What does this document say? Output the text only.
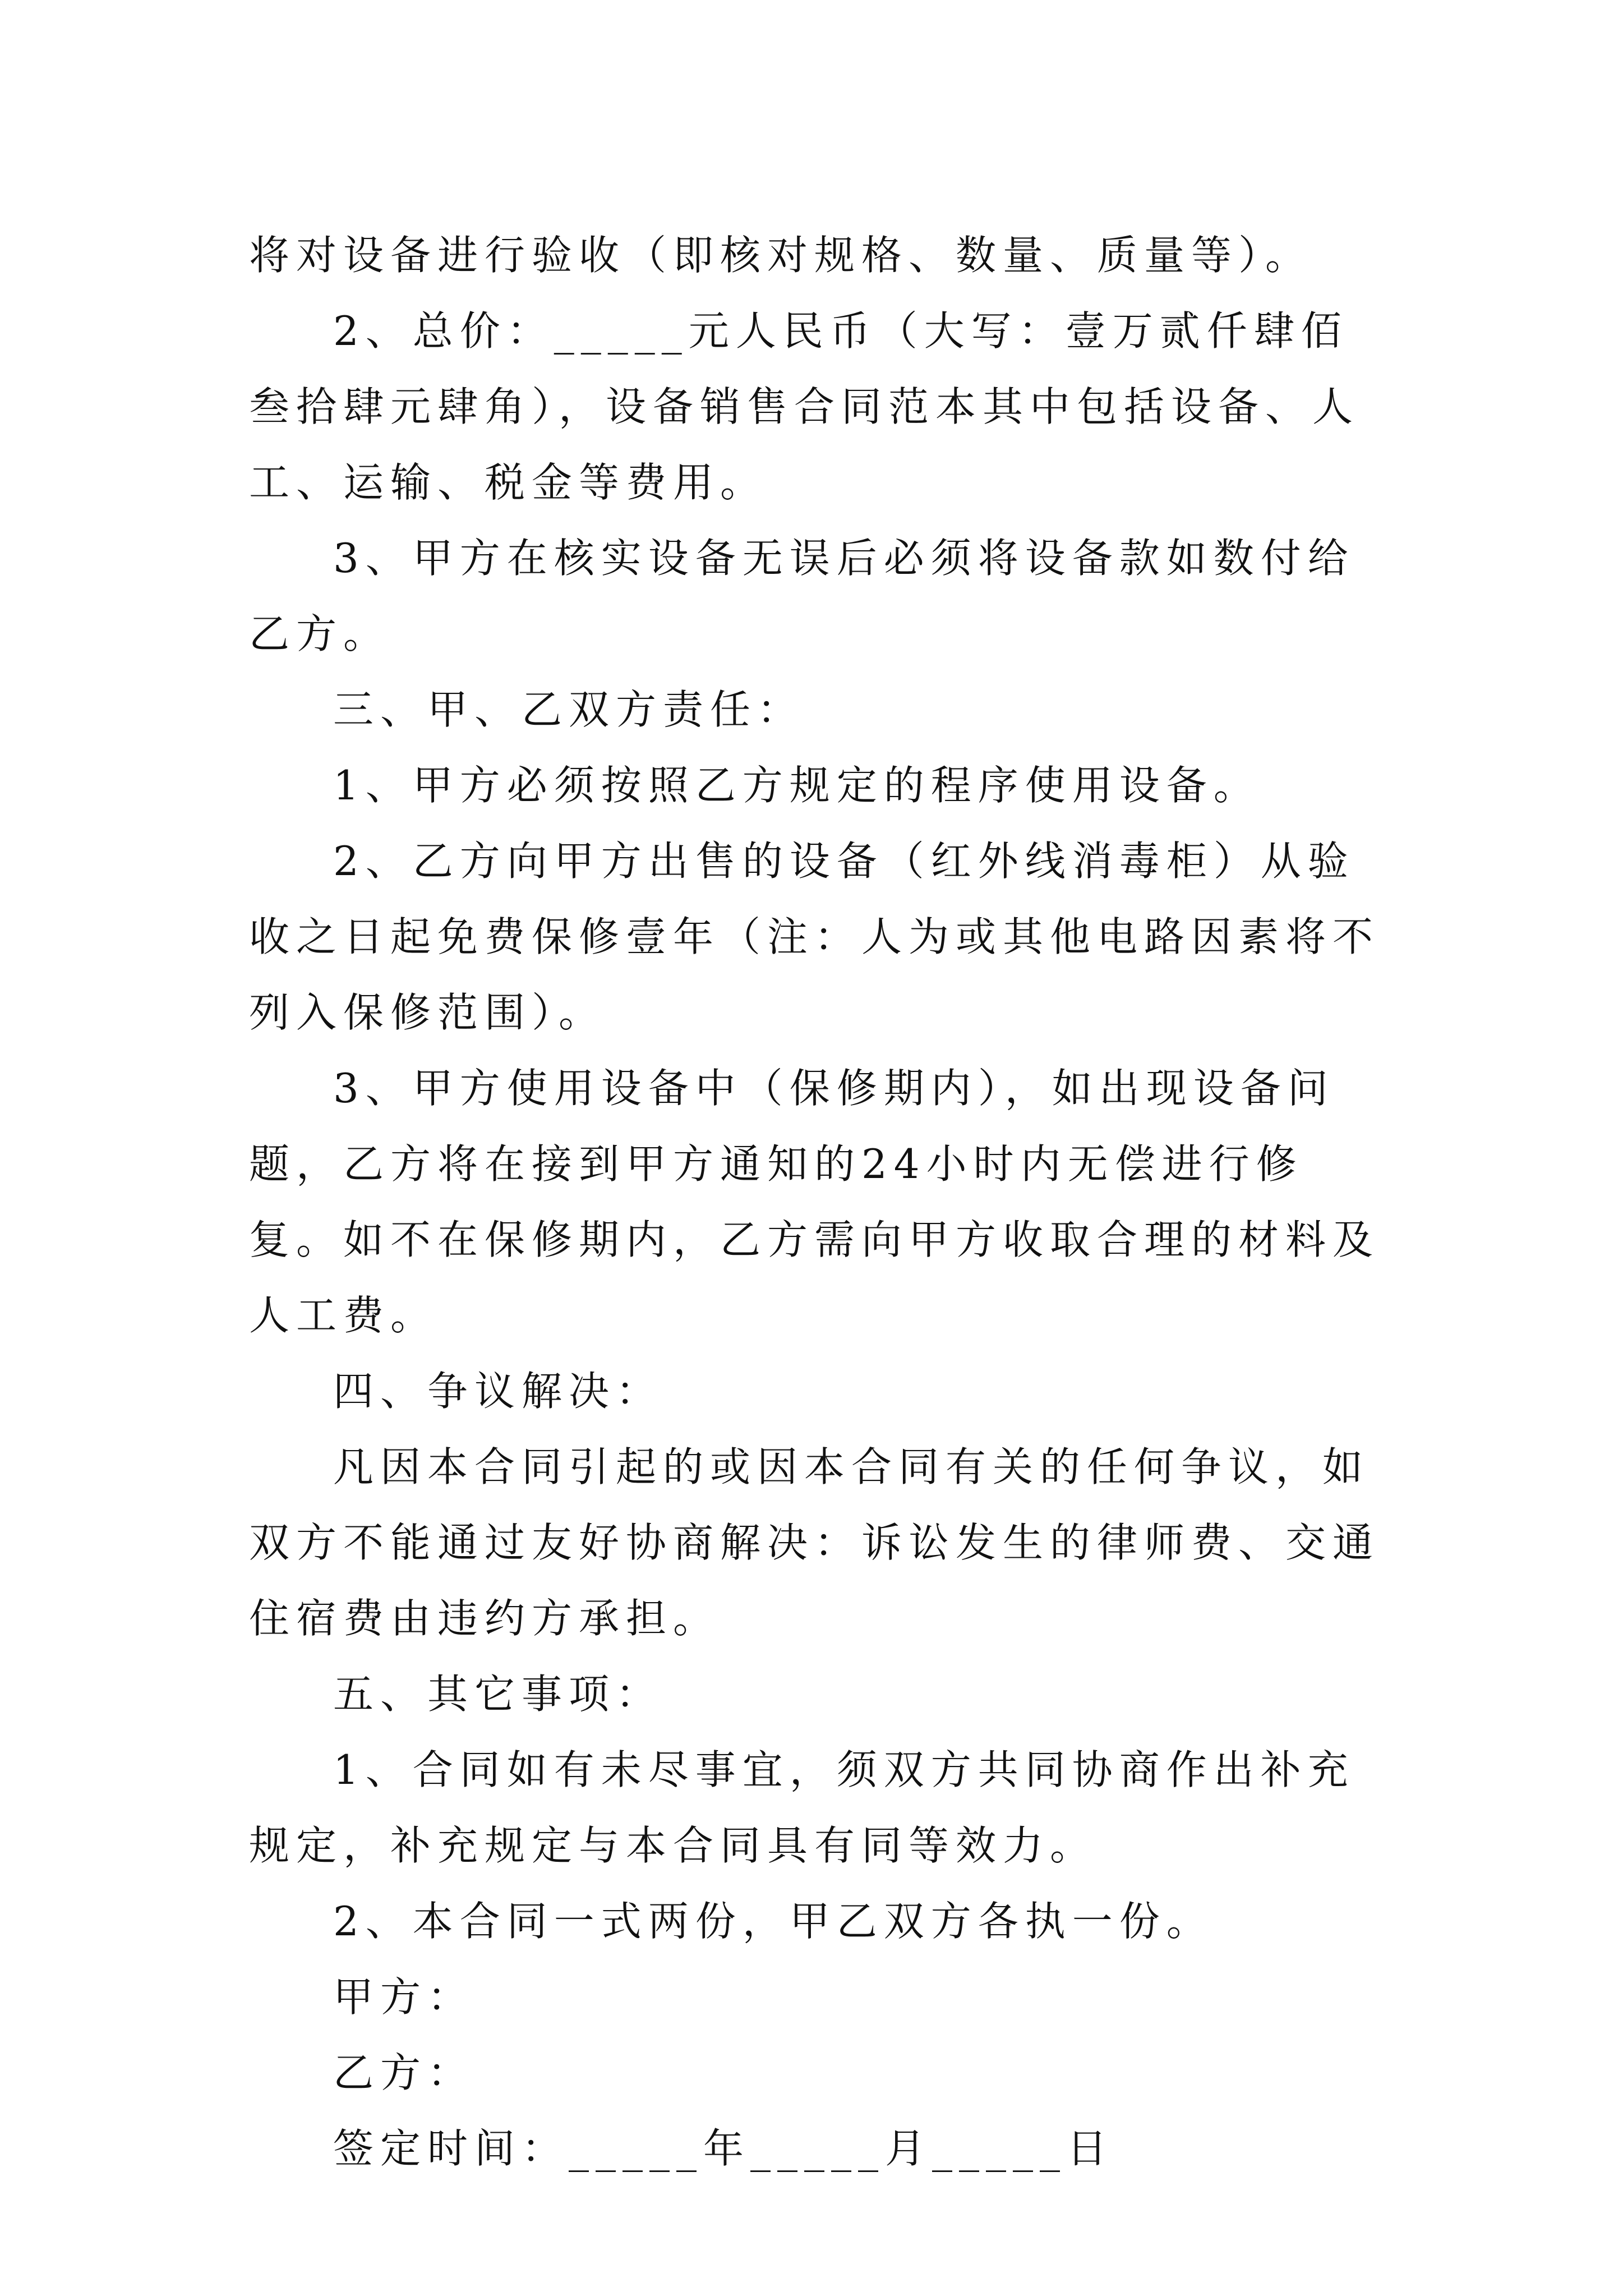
将对设备进行验收（即核对规格、数量、质量等）。

2、总价：_____元人民币（大写：壹万贰仟肆佰叁拾肆元肆角），设备销售合同范本其中包括设备、人工、运输、税金等费用。

3、甲方在核实设备无误后必须将设备款如数付给乙方。

三、甲、乙双方责任：

1、甲方必须按照乙方规定的程序使用设备。

2、乙方向甲方出售的设备（红外线消毒柜）从验收之日起免费保修壹年（注：人为或其他电路因素将不列入保修范围）。

3、甲方使用设备中（保修期内），如出现设备问题，乙方将在接到甲方通知的24小时内无偿进行修复。如不在保修期内，乙方需向甲方收取合理的材料及人工费。

四、争议解决：

凡因本合同引起的或因本合同有关的任何争议，如双方不能通过友好协商解决：诉讼发生的律师费、交通住宿费由违约方承担。

五、其它事项：

1、合同如有未尽事宜，须双方共同协商作出补充规定，补充规定与本合同具有同等效力。

2、本合同一式两份，甲乙双方各执一份。

甲方：

乙方：

签定时间：_____年_____月_____日
